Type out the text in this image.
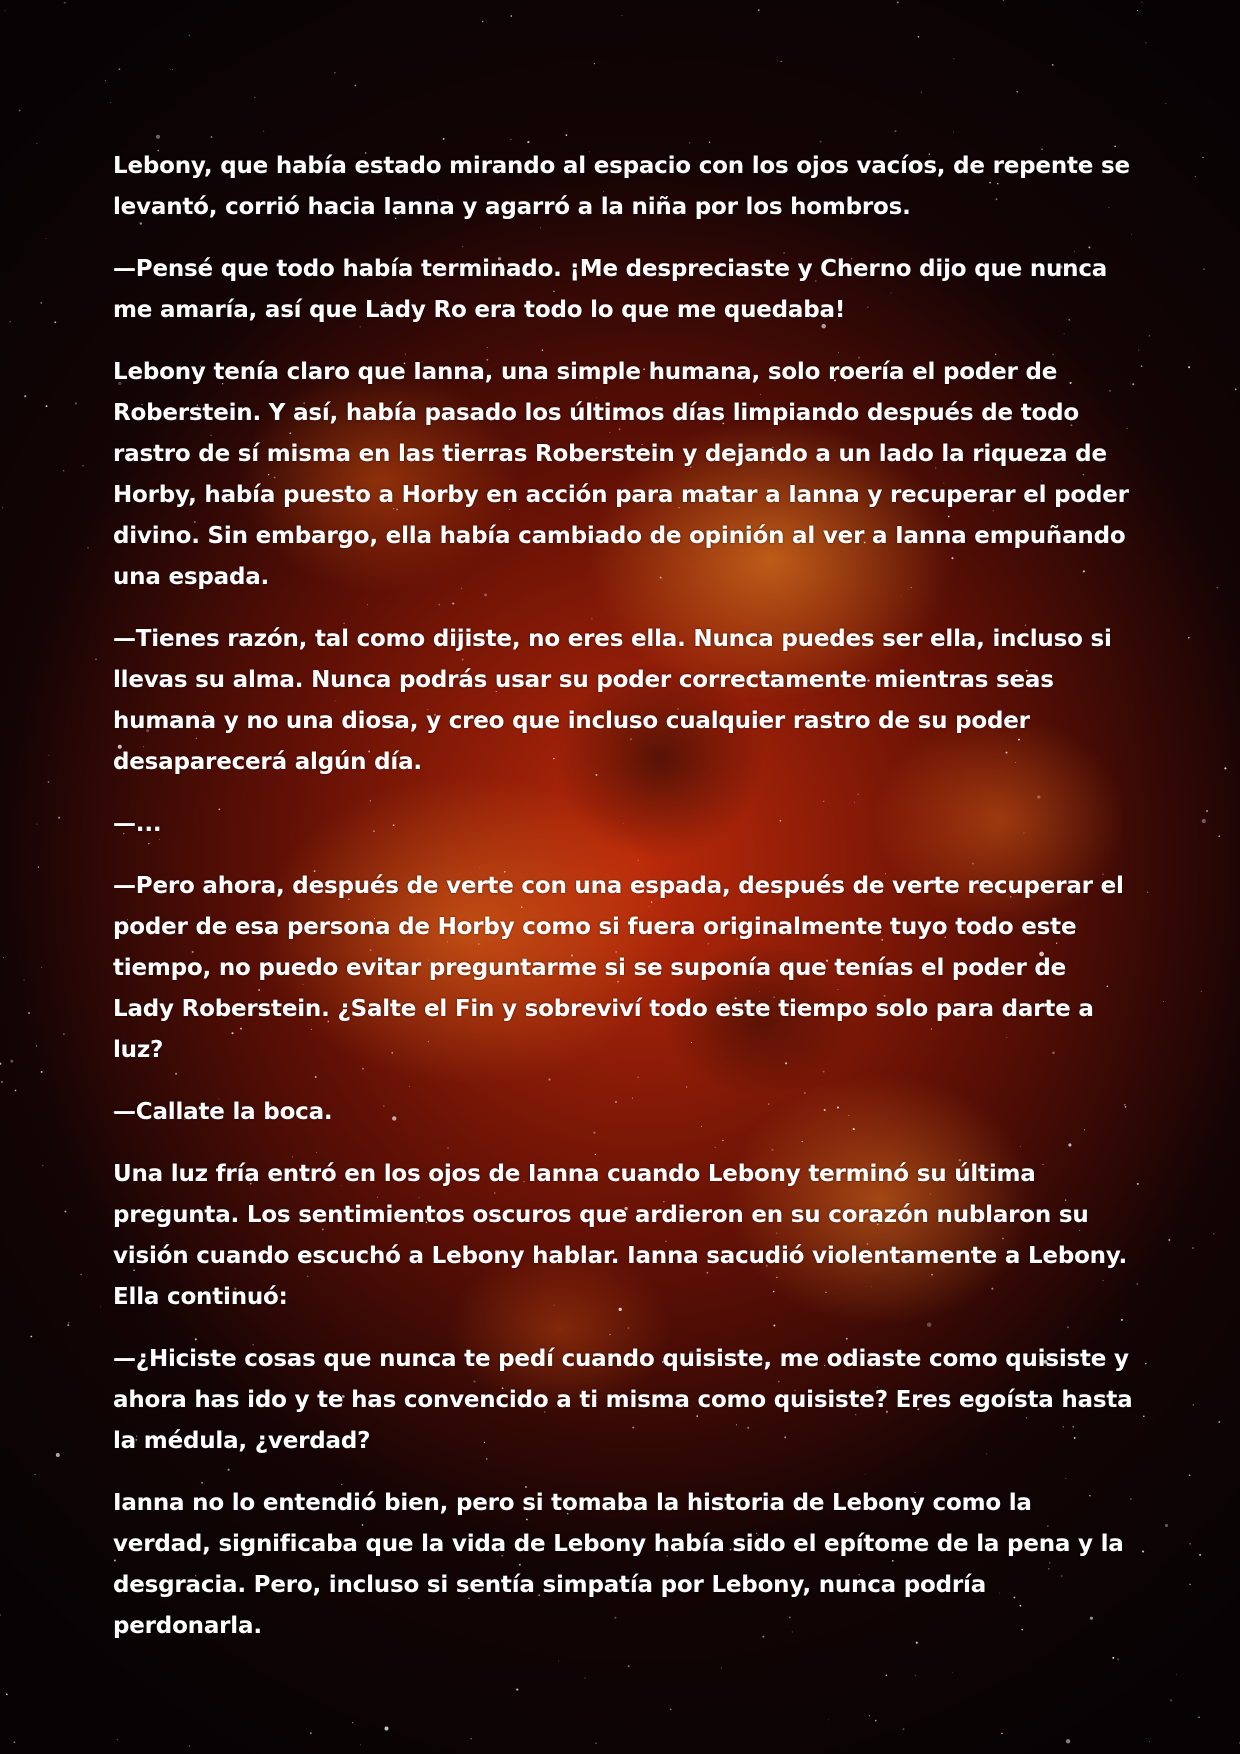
Lebony, que había estado mirando al espacio con los ojos vacíos, de repente se levantó, corrió hacia Ianna y agarró a la niña por los hombros.

—Pensé que todo había terminado. ¡Me despreciaste y Cherno dijo que nunca me amaría, así que Lady Ro era todo lo que me quedaba!

Lebony tenía claro que Ianna, una simple humana, solo roería el poder de Roberstein. Y así, había pasado los últimos días limpiando después de todo rastro de sí misma en las tierras Roberstein y dejando a un lado la riqueza de Horby, había puesto a Horby en acción para matar a Ianna y recuperar el poder divino. Sin embargo, ella había cambiado de opinión al ver a Ianna empuñando una espada.

—Tienes razón, tal como dijiste, no eres ella. Nunca puedes ser ella, incluso si llevas su alma. Nunca podrás usar su poder correctamente mientras seas humana y no una diosa, y creo que incluso cualquier rastro de su poder desaparecerá algún día.

—...

—Pero ahora, después de verte con una espada, después de verte recuperar el poder de esa persona de Horby como si fuera originalmente tuyo todo este tiempo, no puedo evitar preguntarme si se suponía que tenías el poder de Lady Roberstein. ¿Salte el Fin y sobreviví todo este tiempo solo para darte a luz?

—Callate la boca.

Una luz fría entró en los ojos de Ianna cuando Lebony terminó su última pregunta. Los sentimientos oscuros que ardieron en su corazón nublaron su visión cuando escuchó a Lebony hablar. Ianna sacudió violentamente a Lebony. Ella continuó:

—¿Hiciste cosas que nunca te pedí cuando quisiste, me odiaste como quisiste y ahora has ido y te has convencido a ti misma como quisiste? Eres egoísta hasta la médula, ¿verdad?

Ianna no lo entendió bien, pero si tomaba la historia de Lebony como la verdad, significaba que la vida de Lebony había sido el epítome de la pena y la desgracia. Pero, incluso si sentía simpatía por Lebony, nunca podría perdonarla.
